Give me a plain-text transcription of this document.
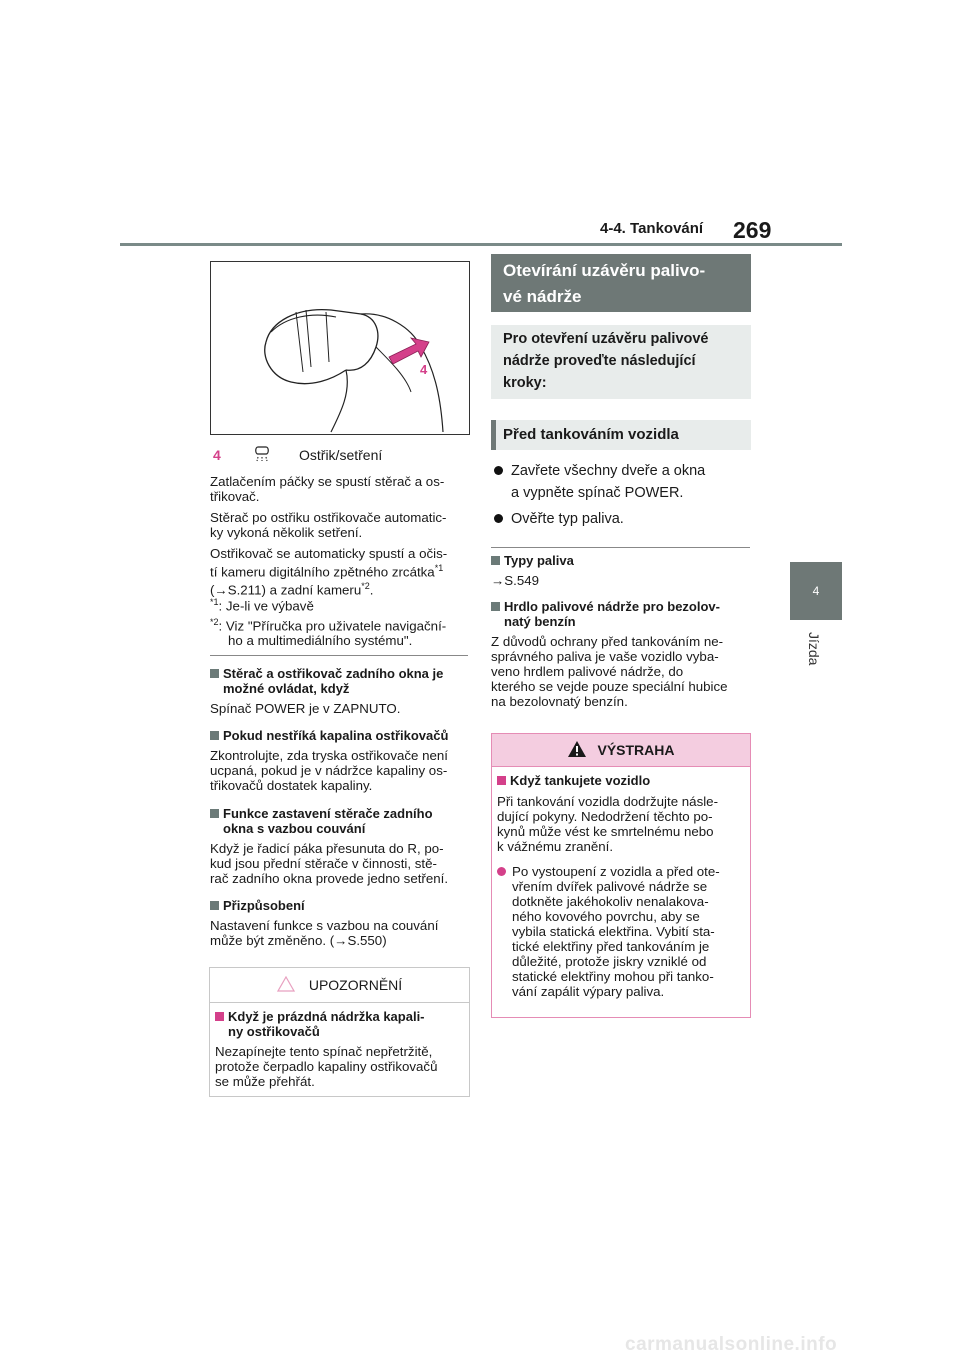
4-4. Tankování 269
4
Jízda
4
4	Ostřik/setření

Zatlačením páčky se spustí stěrač a os-
třikovač.

Stěrač po ostřiku ostřikovače automatic-
ky vykoná několik setření.

Ostřikovač se automaticky spustí a očis-
tí kameru digitálního zpětného zrcátka$^{*1}$
(→S.211) a zadní kameru$^{*2}$.

$^{*1}$: Je-li ve výbavě

$^{*2}$: Viz "Příručka pro uživatele navigační-
ho a multimediálního systému".

Stěrač a ostřikovač zadního okna je
možné ovládat, když

Spínač POWER je v ZAPNUTO.

Pokud nestříká kapalina ostřikovačů

Zkontrolujte, zda tryska ostřikovače není
ucpaná, pokud je v nádržce kapaliny os-
třikovačů dostatek kapaliny.

Funkce zastavení stěrače zadního
okna s vazbou couvání

Když je řadicí páka přesunuta do R, po-
kud jsou přední stěrače v činnosti, stě-
rač zadního okna provede jedno setření.

Přizpůsobení

Nastavení funkce s vazbou na couvání
může být změněno. (→S.550)

UPOZORNĚNÍ
Když je prázdná nádržka kapali-
ny ostřikovačů

Nezapínejte tento spínač nepřetržitě,
protože čerpadlo kapaliny ostřikovačů
se může přehřát.

Otevírání uzávěru palivo-
vé nádrže
Pro otevření uzávěru palivové
nádrže proveďte následující
kroky:
Před tankováním vozidla
Zavřete všechny dveře a okna
a vypněte spínač POWER.
Ověřte typ paliva.
Typy paliva

→S.549

Hrdlo palivové nádrže pro bezolov-
natý benzín

Z důvodů ochrany před tankováním ne-
správného paliva je vaše vozidlo vyba-
veno hrdlem palivové nádrže, do
kterého se vejde pouze speciální hubice
na bezolovnatý benzín.

VÝSTRAHA
Když tankujete vozidlo

Při tankování vozidla dodržujte násle-
dující pokyny. Nedodržení těchto po-
kynů může vést ke smrtelnému nebo
k vážnému zranění.

Po vystoupení z vozidla a před ote-
vřením dvířek palivové nádrže se
dotkněte jakéhokoliv nenalakova-
ného kovového povrchu, aby se
vybila statická elektřina. Vybití sta-
tické elektřiny před tankováním je
důležité, protože jiskry vzniklé od
statické elektřiny mohou při tanko-
vání zapálit výpary paliva.

carmanualsonline.info
